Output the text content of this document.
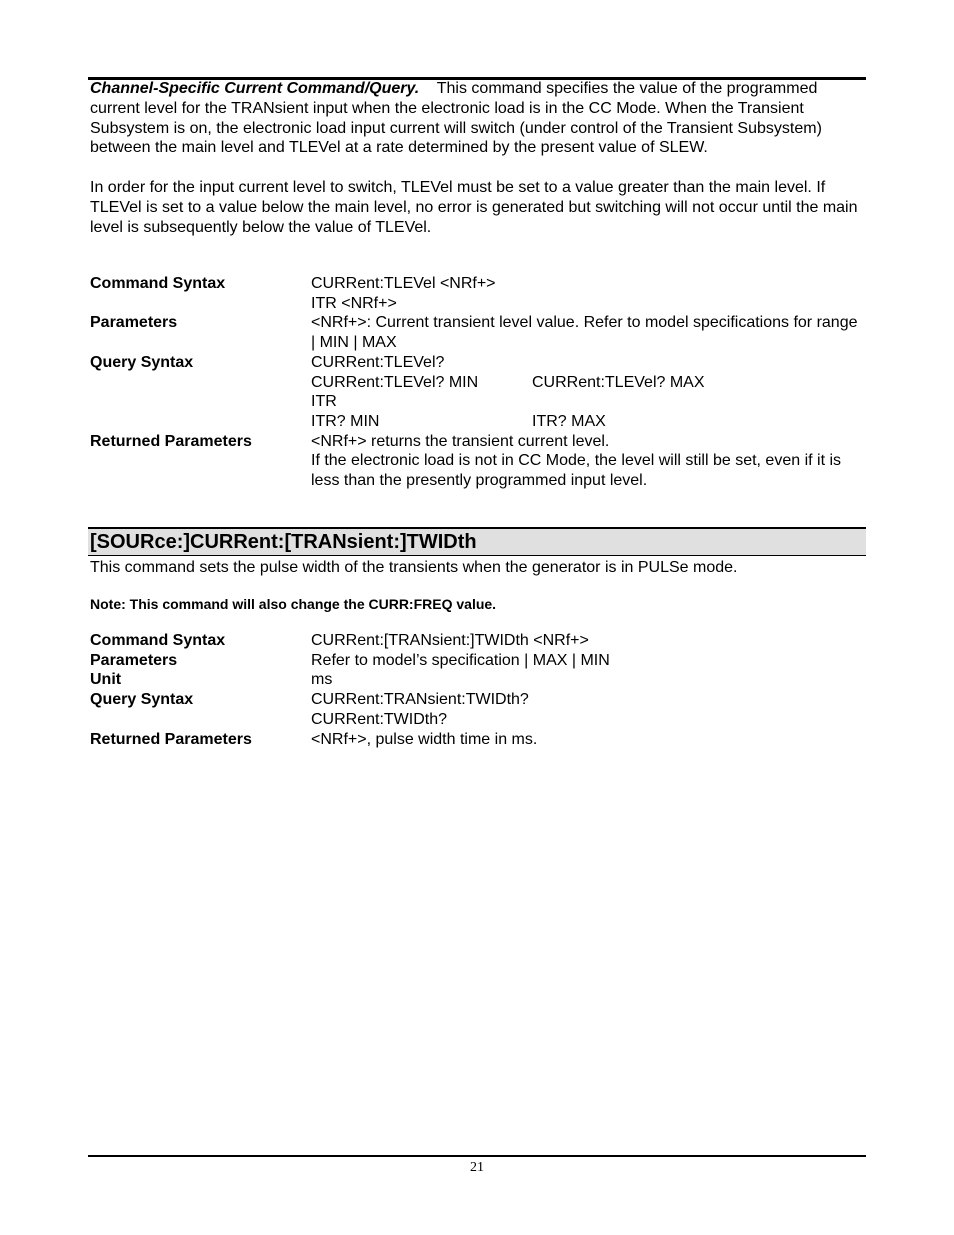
Channel-Specific Current Command/Query. This command specifies the value of the programmed current level for the TRANsient input when the electronic load is in the CC Mode. When the Transient Subsystem is on, the electronic load input current will switch (under control of the Transient Subsystem) between the main level and TLEVel at a rate determined by the present value of SLEW.

In order for the input current level to switch, TLEVel must be set to a value greater than the main level. If TLEVel is set to a value below the main level, no error is generated but switching will not occur until the main level is subsequently below the value of TLEVel.

Command Syntax	CURRent:TLEVel <NRf+>
ITR <NRf+>
Parameters	<NRf+>: Current transient level value. Refer to model specifications for range | MIN | MAX
Query Syntax	CURRent:TLEVel?
CURRent:TLEVel? MIN	CURRent:TLEVel? MAX
ITR
ITR? MIN	ITR? MAX
Returned Parameters	<NRf+> returns the transient current level.
If the electronic load is not in CC Mode, the level will still be set, even if it is less than the presently programmed input level.
[SOURce:]CURRent:[TRANsient:]TWIDth
This command sets the pulse width of the transients when the generator is in PULSe mode.
Note: This command will also change the CURR:FREQ value.
Command Syntax	CURRent:[TRANsient:]TWIDth <NRf+>
Parameters	Refer to model’s specification | MAX | MIN
Unit	ms
Query Syntax	CURRent:TRANsient:TWIDth?
CURRent:TWIDth?
Returned Parameters	<NRf+>, pulse width time in ms.
21
